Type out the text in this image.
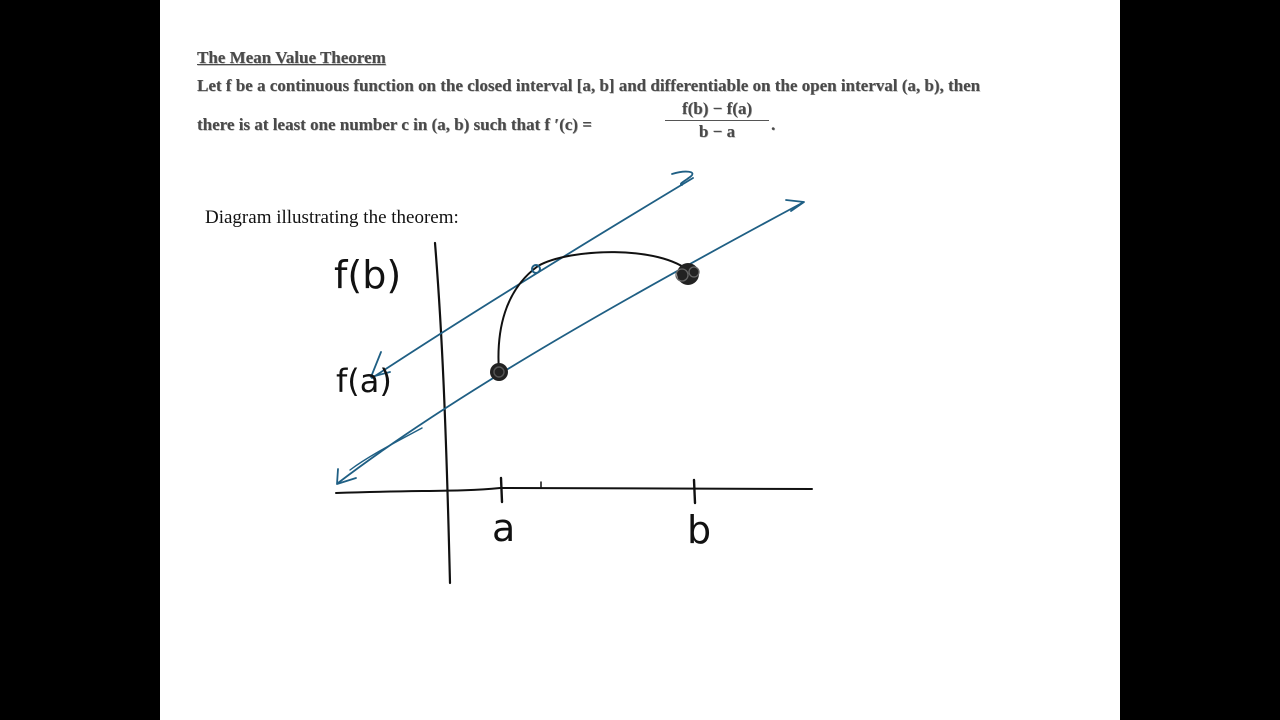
The Mean Value Theorem
Let f be a continuous function on the closed interval [a, b] and differentiable on the open interval (a, b), then
there is at least one number c in (a, b) such that f ′(c) =	$\frac{f(b) - f(a)}{b - a}$ .
Diagram illustrating the theorem:
f(b)
f(a)
a	b
